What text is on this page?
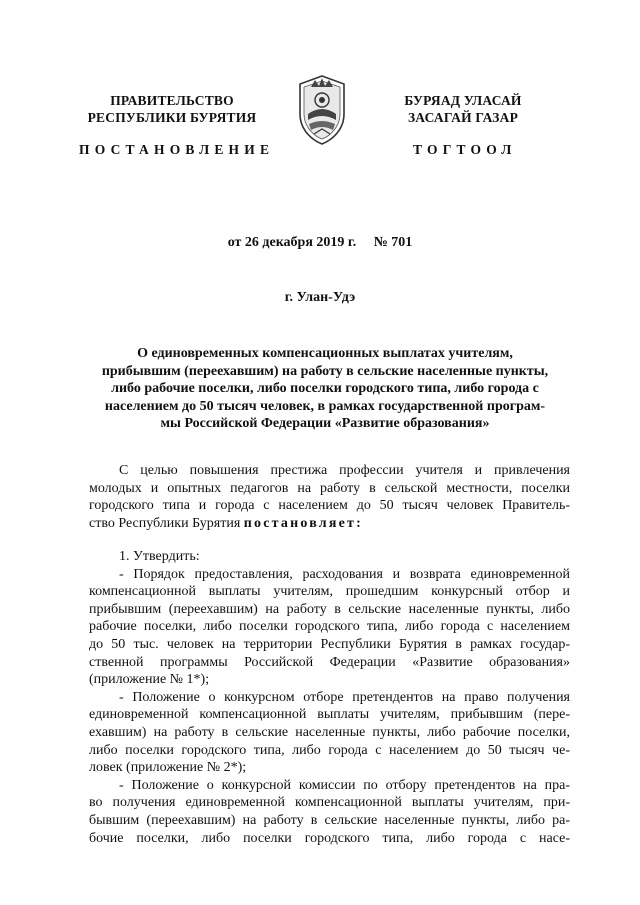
ПРАВИТЕЛЬСТВО
РЕСПУБЛИКИ БУРЯТИЯ
БУРЯАД УЛАСАЙ
ЗАСАГАЙ ГАЗАР
ПОСТАНОВЛЕНИЕ	ТОГТООЛ
от 26 декабря 2019 г.     № 701
г. Улан-Удэ
О единовременных компенсационных выплатах учителям,
прибывшим (переехавшим) на работу в сельские населенные пункты,
либо рабочие поселки, либо поселки городского типа, либо города с
населением до 50 тысяч человек, в рамках государственной програм-
мы Российской Федерации «Развитие образования»
С целью повышения престижа профессии учителя и привлечения
молодых и опытных педагогов на работу в сельской местности, поселки
городского типа и города с населением до 50 тысяч человек Правитель-
ство Республики Бурятия постановляет:
1. Утвердить:
- Порядок предоставления, расходования и возврата единовременной
компенсационной выплаты учителям, прошедшим конкурсный отбор и
прибывшим (переехавшим) на работу в сельские населенные пункты, либо
рабочие поселки, либо поселки городского типа, либо города с населением
до 50 тыс. человек на территории Республики Бурятия в рамках государ-
ственной программы Российской Федерации «Развитие образования»
(приложение № 1*);
- Положение о конкурсном отборе претендентов на право получения
единовременной компенсационной выплаты учителям, прибывшим (пере-
ехавшим) на работу в сельские населенные пункты, либо рабочие поселки,
либо поселки городского типа, либо города с населением до 50 тысяч че-
ловек (приложение № 2*);
- Положение о конкурсной комиссии по отбору претендентов на пра-
во получения единовременной компенсационной выплаты учителям, при-
бывшим (переехавшим) на работу в сельские населенные пункты, либо ра-
бочие поселки, либо поселки городского типа, либо города с насе-
